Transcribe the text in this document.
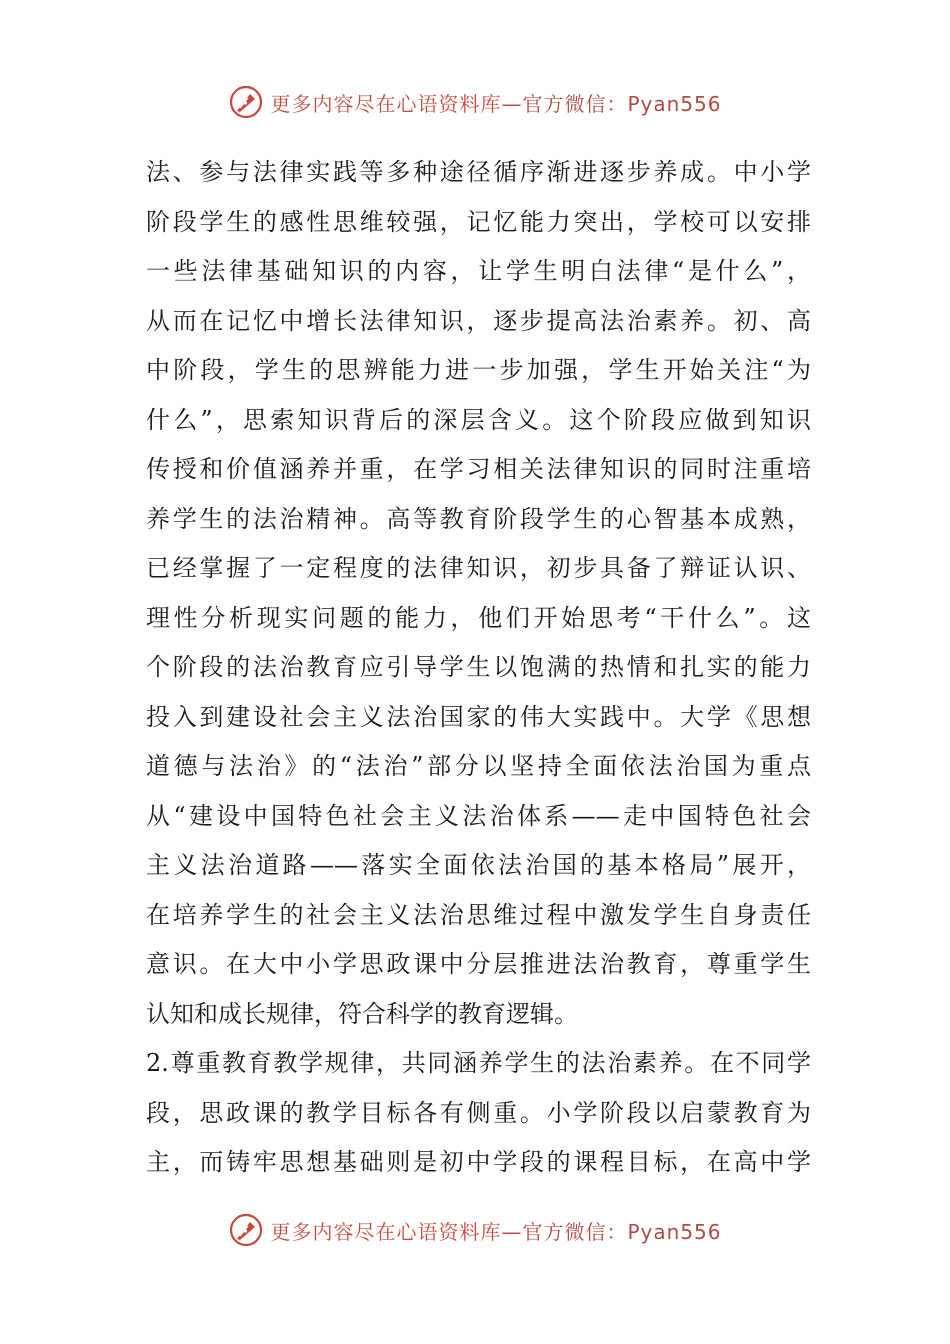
更多内容尽在心语资料库—官方微信：Pyan556
法、参与法律实践等多种途径循序渐进逐步养成。中小学
阶段学生的感性思维较强，记忆能力突出，学校可以安排
一些法律基础知识的内容，让学生明白法律“是什么”，
从而在记忆中增长法律知识，逐步提高法治素养。初、高
中阶段，学生的思辨能力进一步加强，学生开始关注“为
什么”，思索知识背后的深层含义。这个阶段应做到知识
传授和价值涵养并重，在学习相关法律知识的同时注重培
养学生的法治精神。高等教育阶段学生的心智基本成熟，
已经掌握了一定程度的法律知识，初步具备了辩证认识、
理性分析现实问题的能力，他们开始思考“干什么”。这
个阶段的法治教育应引导学生以饱满的热情和扎实的能力
投入到建设社会主义法治国家的伟大实践中。大学《思想
道德与法治》的“法治”部分以坚持全面依法治国为重点
从“建设中国特色社会主义法治体系——走中国特色社会
主义法治道路——落实全面依法治国的基本格局”展开，
在培养学生的社会主义法治思维过程中激发学生自身责任
意识。在大中小学思政课中分层推进法治教育，尊重学生
认知和成长规律，符合科学的教育逻辑。
2.尊重教育教学规律，共同涵养学生的法治素养。在不同学
段，思政课的教学目标各有侧重。小学阶段以启蒙教育为
主，而铸牢思想基础则是初中学段的课程目标，在高中学
更多内容尽在心语资料库—官方微信：Pyan556
